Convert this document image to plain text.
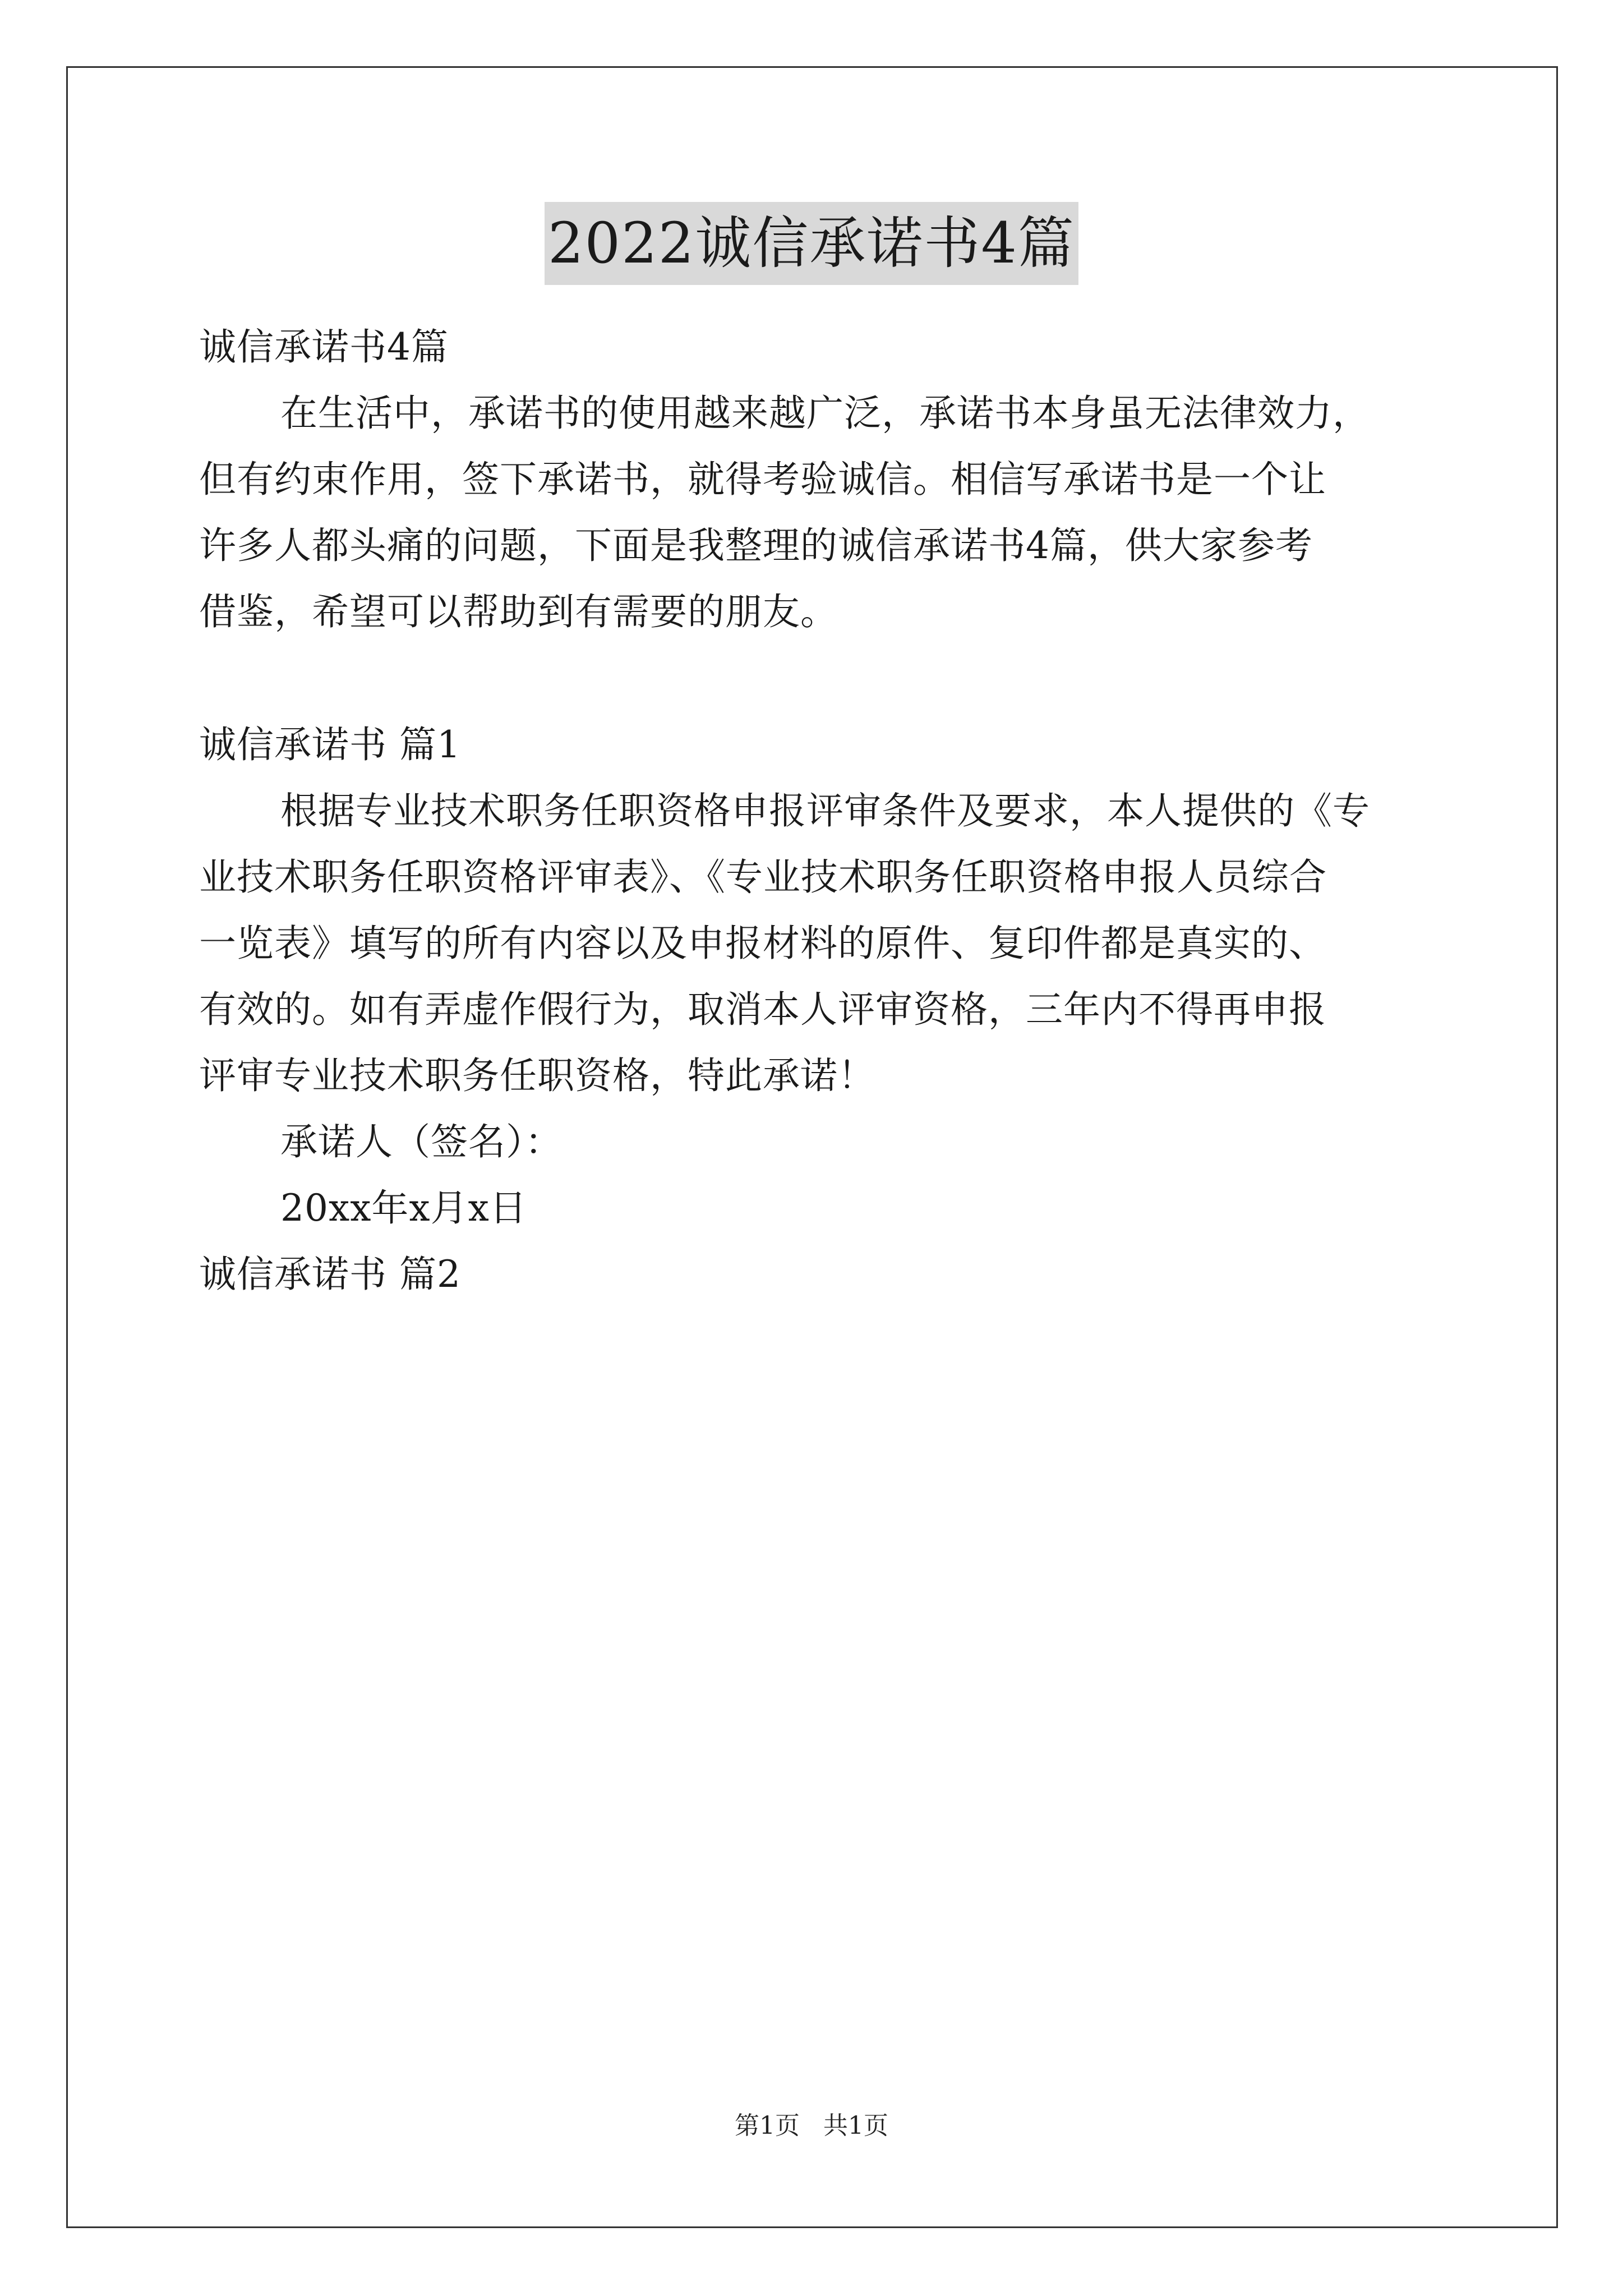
2022诚信承诺书4篇
诚信承诺书4篇
在生活中，承诺书的使用越来越广泛，承诺书本身虽无法律效力，
但有约束作用，签下承诺书，就得考验诚信。相信写承诺书是一个让
许多人都头痛的问题，下面是我整理的诚信承诺书4篇，供大家参考
借鉴，希望可以帮助到有需要的朋友。
诚信承诺书 篇1
根据专业技术职务任职资格申报评审条件及要求，本人提供的《专
业技术职务任职资格评审表》、《专业技术职务任职资格申报人员综合
一览表》填写的所有内容以及申报材料的原件、复印件都是真实的、
有效的。如有弄虚作假行为，取消本人评审资格，三年内不得再申报
评审专业技术职务任职资格，特此承诺！
承诺人（签名）：
20xx年x月x日
诚信承诺书 篇2
第1页   共1页
